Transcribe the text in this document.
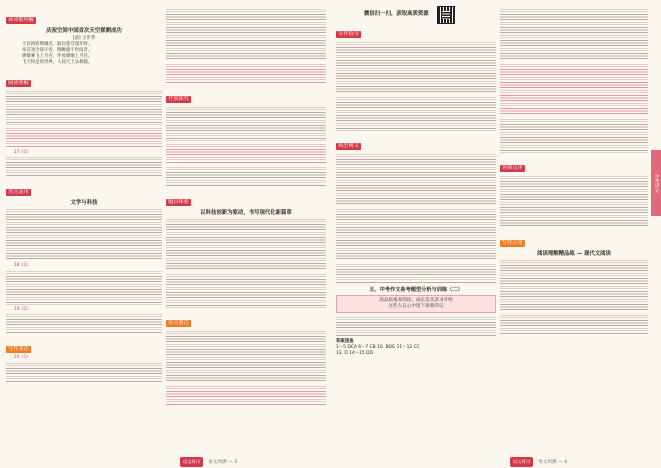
读诗歌理解
庆祝空间中国首次天空探测成功
[清] 王步华
天宫初转嫦娥近，敢问苍穹漫步时。
举首凌空探宇宙，倒瞰寰宇世间奇。
嫦娥乘飞上月宫，伴看嫦娥上月宫。
飞天终是惊世界，人间天上乐相随。
阅读理解
17. (1)
语言运用
文学与科技
18. (1)
19. (1)
写作表达
20. (1)
开放探究
题目体验
以科技创新为驱动，书写现代化新篇章
语言表达
微信扫一扫，获取高质资源
写作指导
典型例文
五、中考作文备考题型分析与训练（二）
高品质素养阅读，成长是从读书开始
这些人在心中留下深刻印记
答案速查
1～5 DCA 6～7 CB 10. BDG 11～12 CC
13. D 14～15 DD
名师点评
写作示范
阅读理解精品练 — 现代文阅读
中考语文
语文周刊 语文周测 — 3	语文周刊 语文周测 — 4
